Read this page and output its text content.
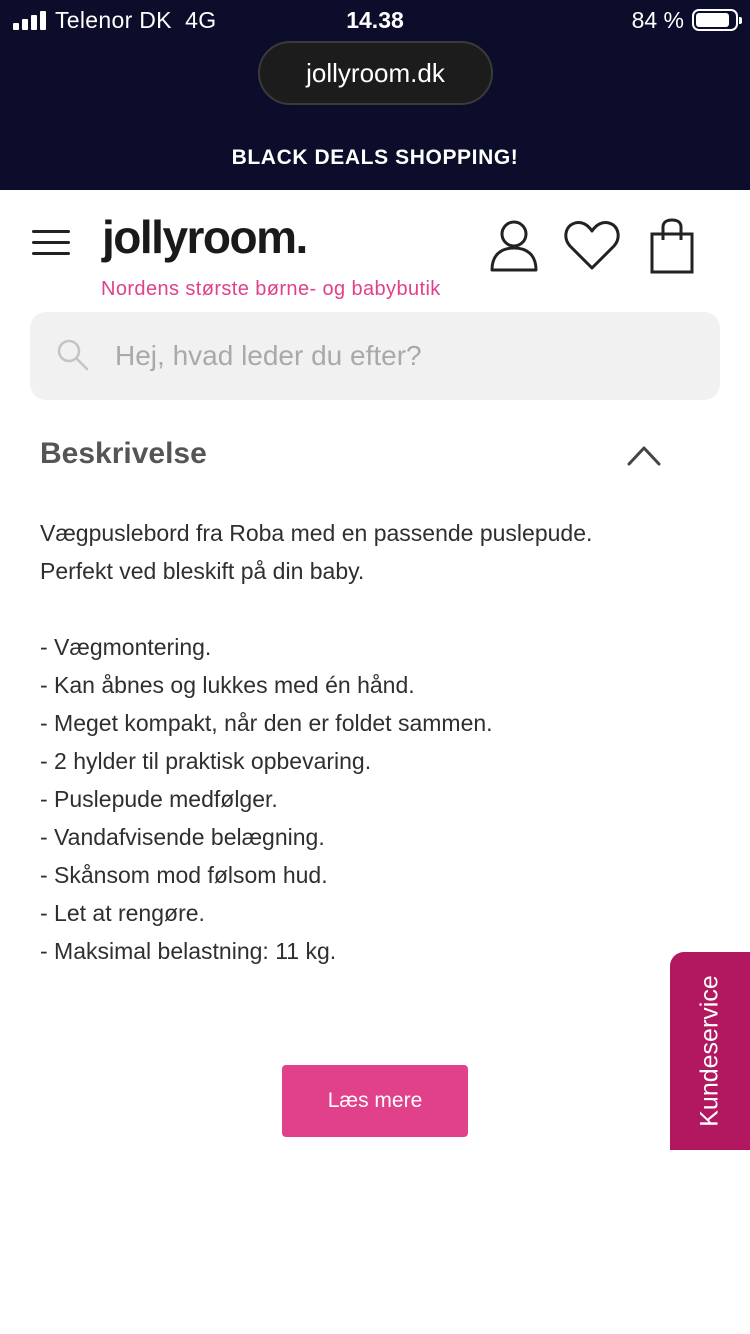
Telenor DK  4G	14.38	84 %
jollyroom.dk
BLACK DEALS SHOPPING!
jollyroom.
Nordens største børne- og babybutik
Hej, hvad leder du efter?
Beskrivelse

Vægpuslebord fra Roba med en passende puslepude.

Perfekt ved bleskift på din baby.

- Vægmontering.

- Kan åbnes og lukkes med én hånd.

- Meget kompakt, når den er foldet sammen.

- 2 hylder til praktisk opbevaring.

- Puslepude medfølger.

- Vandafvisende belægning.

- Skånsom mod følsom hud.

- Let at rengøre.

- Maksimal belastning: 11 kg.

Læs mere	Kundeservice
